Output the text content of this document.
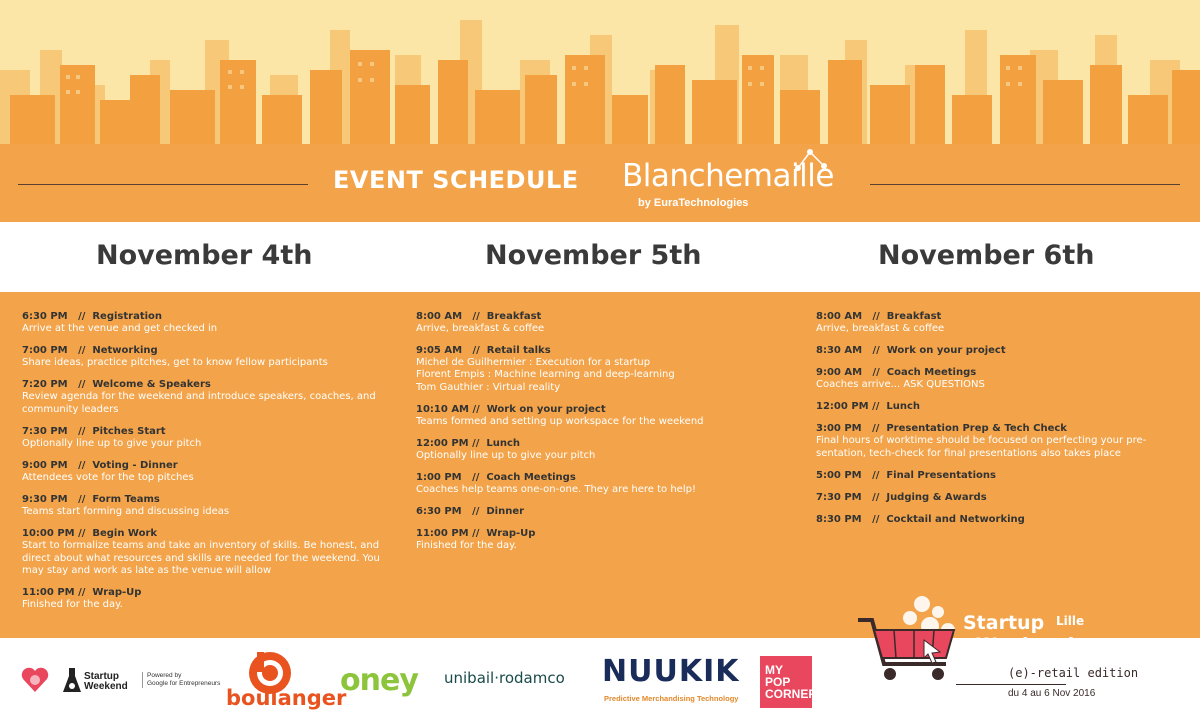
EVENT SCHEDULE Blanchemaille
by EuraTechnologies
November 4th	November 5th	November 6th
6:30 PM   //  Registration
Arrive at the venue and get checked in
7:00 PM   //  Networking
Share ideas, practice pitches, get to know fellow participants
7:20 PM   //  Welcome & Speakers
Review agenda for the weekend and introduce speakers, coaches, and community leaders
7:30 PM   //  Pitches Start
Optionally line up to give your pitch
9:00 PM   //  Voting - Dinner
Attendees vote for the top pitches
9:30 PM   //  Form Teams
Teams start forming and discussing ideas
10:00 PM //  Begin Work
Start to formalize teams and take an inventory of skills. Be honest, and direct about what resources and skills are needed for the weekend. You may stay and work as late as the venue will allow
11:00 PM //  Wrap-Up
Finished for the day.
8:00 AM   //  Breakfast
Arrive, breakfast & coffee
9:05 AM   //  Retail talks
Michel de Guilhermier : Execution for a startup
Florent Empis : Machine learning and deep-learning
Tom Gauthier : Virtual reality
10:10 AM //  Work on your project
Teams formed and setting up workspace for the weekend
12:00 PM //  Lunch
Optionally line up to give your pitch
1:00 PM   //  Coach Meetings
Coaches help teams one-on-one. They are here to help!
6:30 PM   //  Dinner
11:00 PM //  Wrap-Up
Finished for the day.
8:00 AM   //  Breakfast
Arrive, breakfast & coffee
8:30 AM   //  Work on your project
9:00 AM   //  Coach Meetings
Coaches arrive... ASK QUESTIONS
12:00 PM //  Lunch
3:00 PM   //  Presentation Prep & Tech Check
Final hours of worktime should be focused on perfecting your pre-sentation, tech-check for final presentations also takes place
5:00 PM   //  Final Presentations
7:30 PM   //  Judging & Awards
8:30 PM   //  Cocktail and Networking
Startup
Weekend
Powered by
Google for Entrepreneurs
boulanger
oney unibail·rodamco NUUKIK
Predictive Merchandising Technology
MY
POP
CORNER
Startup Lille
Weekend
(e)-retail edition
du 4 au 6 Nov 2016
